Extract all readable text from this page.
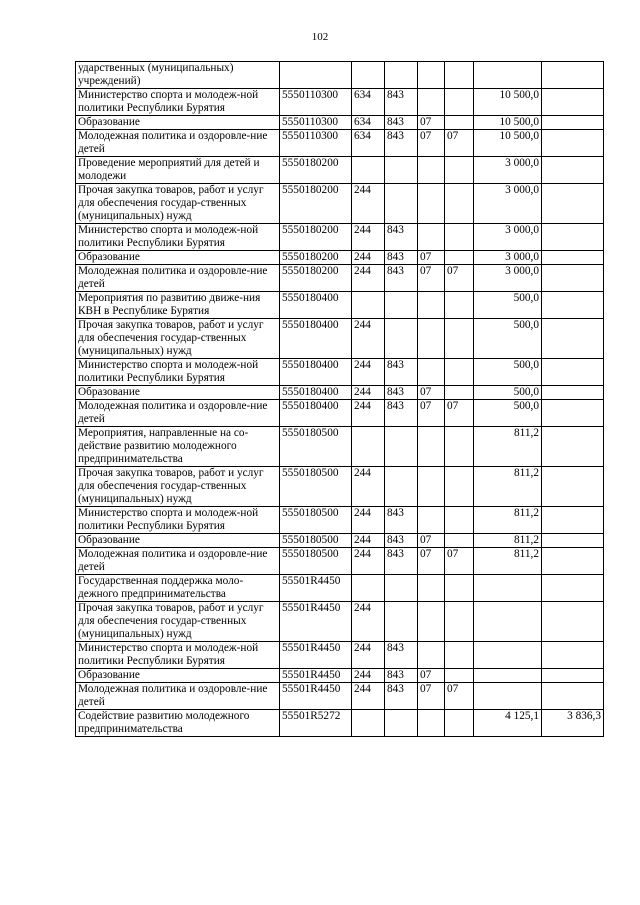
102
ударственных (муниципальных) учреждений)							
Министерство спорта и молодеж-ной политики Республики Бурятия	5550110300	634	843			10 500,0	
Образование	5550110300	634	843	07		10 500,0	
Молодежная политика и оздоровле-ние детей	5550110300	634	843	07	07	10 500,0	
Проведение мероприятий для детей и молодежи	5550180200					3 000,0	
Прочая закупка товаров, работ и услуг для обеспечения государ-ственных (муниципальных) нужд	5550180200	244				3 000,0	
Министерство спорта и молодеж-ной политики Республики Бурятия	5550180200	244	843			3 000,0	
Образование	5550180200	244	843	07		3 000,0	
Молодежная политика и оздоровле-ние детей	5550180200	244	843	07	07	3 000,0	
Мероприятия по развитию движе-ния КВН в Республике Бурятия	5550180400					500,0	
Прочая закупка товаров, работ и услуг для обеспечения государ-ственных (муниципальных) нужд	5550180400	244				500,0	
Министерство спорта и молодеж-ной политики Республики Бурятия	5550180400	244	843			500,0	
Образование	5550180400	244	843	07		500,0	
Молодежная политика и оздоровле-ние детей	5550180400	244	843	07	07	500,0	
Мероприятия, направленные на со-действие развитию молодежного предпринимательства	5550180500					811,2	
Прочая закупка товаров, работ и услуг для обеспечения государ-ственных (муниципальных) нужд	5550180500	244				811,2	
Министерство спорта и молодеж-ной политики Республики Бурятия	5550180500	244	843			811,2	
Образование	5550180500	244	843	07		811,2	
Молодежная политика и оздоровле-ние детей	5550180500	244	843	07	07	811,2	
Государственная поддержка моло-дежного предпринимательства	55501R4450						
Прочая закупка товаров, работ и услуг для обеспечения государ-ственных (муниципальных) нужд	55501R4450	244					
Министерство спорта и молодеж-ной политики Республики Бурятия	55501R4450	244	843				
Образование	55501R4450	244	843	07			
Молодежная политика и оздоровле-ние детей	55501R4450	244	843	07	07		
Содействие развитию молодежного предпринимательства	55501R5272					4 125,1	3 836,3
